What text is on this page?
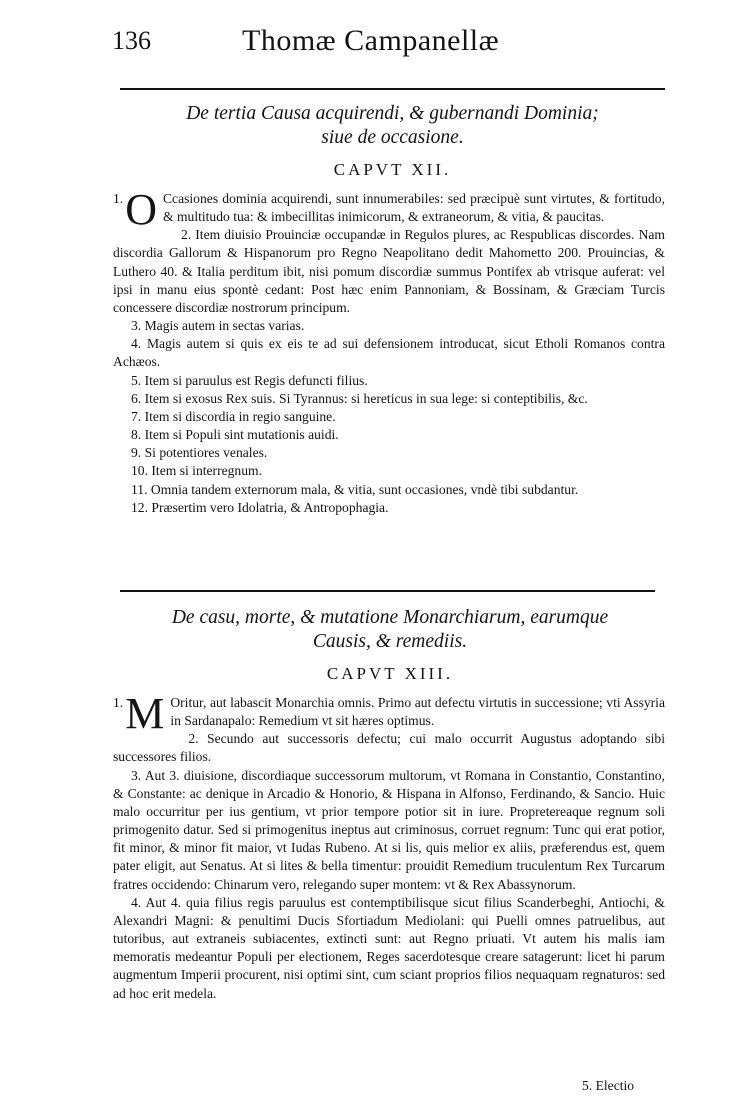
136	Thomæ Campanellæ
De tertia Causa acquirendi, & gubernandi Dominia;
siue de occasione.
CAPVT XII.

1. O Ccasiones dominia acquirendi, sunt innumerabiles: sed præcipuè sunt virtutes, & fortitudo, & multitudo tua: & imbecillitas inimicorum, & extraneorum, & vitia, & paucitas.

2. Item diuisio Prouinciæ occupandæ in Regulos plures, ac Respublicas discordes. Nam discordia Gallorum & Hispanorum pro Regno Neapolitano dedit Mahometto 200. Prouincias, & Luthero 40. & Italia perditum ibit, nisi pomum discordiæ summus Pontifex ab vtrisque auferat: vel ipsi in manu eius spontè cedant: Post hæc enim Pannoniam, & Bossinam, & Græciam Turcis concessere discordiæ nostrorum principum.

3. Magis autem in sectas varias.

4. Magis autem si quis ex eis te ad sui defensionem introducat, sicut Etholi Romanos contra Achæos.

5. Item si paruulus est Regis defuncti filius.

6. Item si exosus Rex suis. Si Tyrannus: si hereticus in sua lege: si conteptibilis, &c.

7. Item si discordia in regio sanguine.

8. Item si Populi sint mutationis auidi.

9. Si potentiores venales.

10. Item si interregnum.

11. Omnia tandem externorum mala, & vitia, sunt occasiones, vndè tibi subdantur.

12. Præsertim vero Idolatria, & Antropophagia.

De casu, morte, & mutatione Monarchiarum, earumque
Causis, & remediis.
CAPVT XIII.

1. M Oritur, aut labascit Monarchia omnis. Primo aut defectu virtutis in successione; vti Assyria in Sardanapalo: Remedium vt sit hæres optimus.

2. Secundo aut successoris defectu; cui malo occurrit Augustus adoptando sibi successores filios.

3. Aut 3. diuisione, discordiaque successorum multorum, vt Romana in Constantio, Constantino, & Constante: ac denique in Arcadio & Honorio, & Hispana in Alfonso, Ferdinando, & Sancio. Huic malo occurritur per ius gentium, vt prior tempore potior sit in iure. Propretereaque regnum soli primogenito datur. Sed si primogenitus ineptus aut criminosus, corruet regnum: Tunc qui erat potior, fit minor, & minor fit maior, vt Iudas Rubeno. At si lis, quis melior ex aliis, præferendus est, quem pater eligit, aut Senatus. At si lites & bella timentur: prouidit Remedium truculentum Rex Turcarum fratres occidendo: Chinarum vero, relegando super montem: vt & Rex Abassynorum.

4. Aut 4. quia filius regis paruulus est contemptibilisque sicut filius Scanderbeghi, Antiochi, & Alexandri Magni: & penultimi Ducis Sfortiadum Mediolani: qui Puelli omnes patruelibus, aut tutoribus, aut extraneis subiacentes, extincti sunt: aut Regno priuati. Vt autem his malis iam memoratis medeantur Populi per electionem, Reges sacerdotesque creare satagerunt: licet hi parum augmentum Imperii procurent, nisi optimi sint, cum sciant proprios filios nequaquam regnaturos: sed ad hoc erit medela.

5. Electio
